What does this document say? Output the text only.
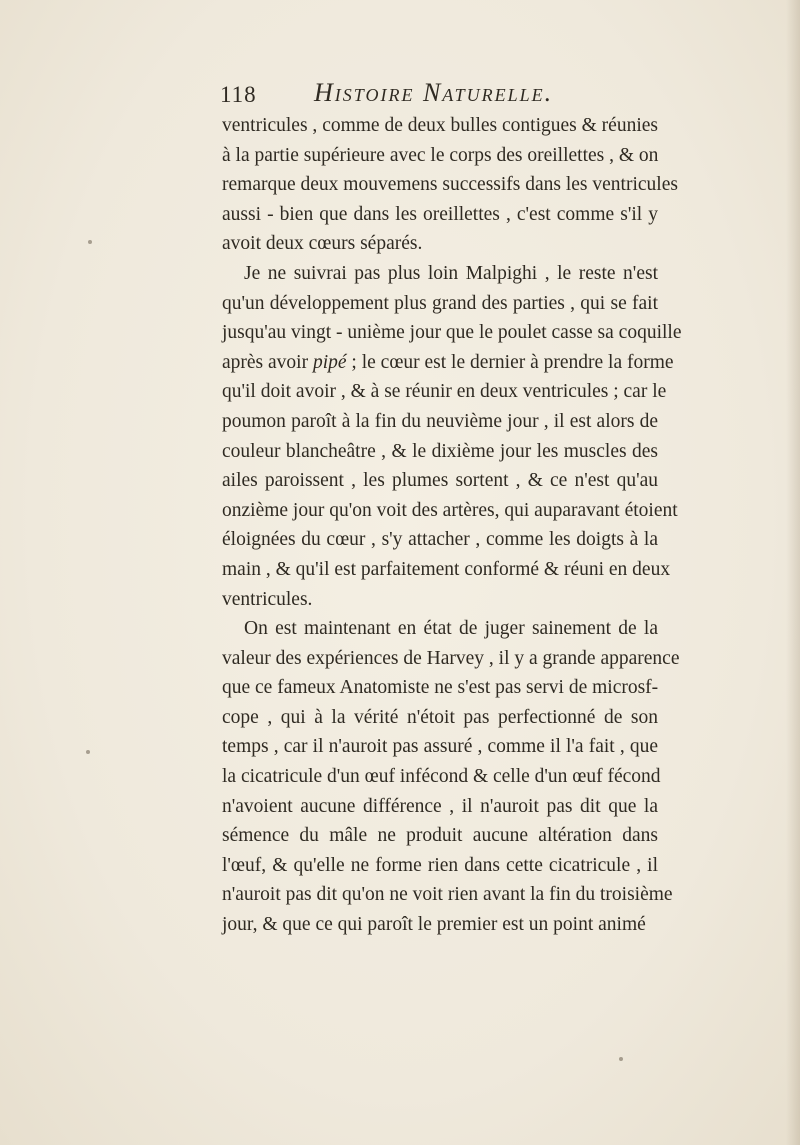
118 Histoire Naturelle.
ventricules , comme de deux bulles contigues & réunies
à la partie supérieure avec le corps des oreillettes , & on
remarque deux mouvemens successifs dans les ventricules
aussi - bien que dans les oreillettes , c'est comme s'il y
avoit deux cœurs séparés.
Je ne suivrai pas plus loin Malpighi , le reste n'est
qu'un développement plus grand des parties , qui se fait
jusqu'au vingt - unième jour que le poulet casse sa coquille
après avoir pipé ; le cœur est le dernier à prendre la forme
qu'il doit avoir , & à se réunir en deux ventricules ; car le
poumon paroît à la fin du neuvième jour , il est alors de
couleur blancheâtre , & le dixième jour les muscles des
ailes paroissent , les plumes sortent , & ce n'est qu'au
onzième jour qu'on voit des artères, qui auparavant étoient
éloignées du cœur , s'y attacher , comme les doigts à la
main , & qu'il est parfaitement conformé & réuni en deux
ventricules.
On est maintenant en état de juger sainement de la
valeur des expériences de Harvey , il y a grande apparence
que ce fameux Anatomiste ne s'est pas servi de microsf-
cope , qui à la vérité n'étoit pas perfectionné de son
temps , car il n'auroit pas assuré , comme il l'a fait , que
la cicatricule d'un œuf infécond & celle d'un œuf fécond
n'avoient aucune différence , il n'auroit pas dit que la
sémence du mâle ne produit aucune altération dans
l'œuf, & qu'elle ne forme rien dans cette cicatricule , il
n'auroit pas dit qu'on ne voit rien avant la fin du troisième
jour, & que ce qui paroît le premier est un point animé
